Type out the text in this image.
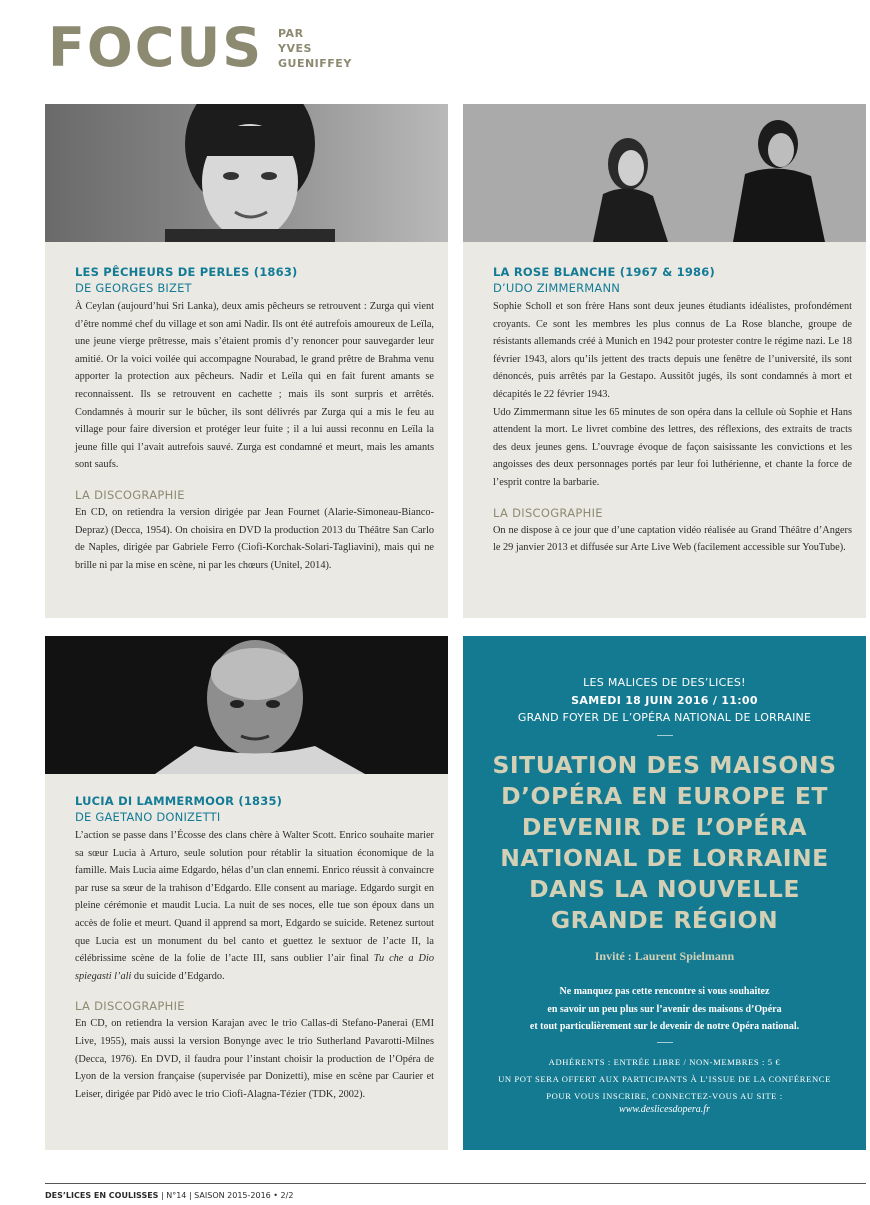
FOCUS PAR
YVES GUENIFFEY

LES PÊCHEURS DE PERLES (1863)

DE GEORGES BIZET

À Ceylan (aujourd’hui Sri Lanka), deux amis pêcheurs se retrouvent : Zurga qui vient d’être nommé chef du village et son ami Nadir. Ils ont été autrefois amoureux de Leïla, une jeune vierge prêtresse, mais s’étaient promis d’y renoncer pour sauvegarder leur amitié. Or la voici voilée qui accompagne Nourabad, le grand prêtre de Brahma venu apporter la protection aux pêcheurs. Nadir et Leïla qui en fait furent amants se reconnaissent. Ils se retrouvent en cachette ; mais ils sont surpris et arrêtés. Condamnés à mourir sur le bûcher, ils sont délivrés par Zurga qui a mis le feu au village pour faire diversion et protéger leur fuite ; il a lui aussi reconnu en Leïla la jeune fille qui l’avait autrefois sauvé. Zurga est condamné et meurt, mais les amants sont saufs.

LA DISCOGRAPHIE

En CD, on retiendra la version dirigée par Jean Fournet (Alarie-Simoneau-Bianco-Depraz) (Decca, 1954). On choisira en DVD la production 2013 du Théâtre San Carlo de Naples, dirigée par Gabriele Ferro (Ciofi-Korchak-Solari-Tagliavini), mais qui ne brille ni par la mise en scène, ni par les chœurs (Unitel, 2014).

LA ROSE BLANCHE (1967 & 1986)

D’UDO ZIMMERMANN

Sophie Scholl et son frère Hans sont deux jeunes étudiants idéalistes, profondément croyants. Ce sont les membres les plus connus de La Rose blanche, groupe de résistants allemands créé à Munich en 1942 pour protester contre le régime nazi. Le 18 février 1943, alors qu’ils jettent des tracts depuis une fenêtre de l’université, ils sont dénoncés, puis arrêtés par la Gestapo. Aussitôt jugés, ils sont condamnés à mort et décapités le 22 février 1943.

Udo Zimmermann situe les 65 minutes de son opéra dans la cellule où Sophie et Hans attendent la mort. Le livret combine des lettres, des réflexions, des extraits de tracts des deux jeunes gens. L’ouvrage évoque de façon saisissante les convictions et les angoisses des deux personnages portés par leur foi luthérienne, et chante la force de l’esprit contre la barbarie.

LA DISCOGRAPHIE

On ne dispose à ce jour que d’une captation vidéo réalisée au Grand Théâtre d’Angers le 29 janvier 2013 et diffusée sur Arte Live Web (facilement accessible sur YouTube).

LUCIA DI LAMMERMOOR (1835)

DE GAETANO DONIZETTI

L’action se passe dans l’Écosse des clans chère à Walter Scott. Enrico souhaite marier sa sœur Lucia à Arturo, seule solution pour rétablir la situation économique de la famille. Mais Lucia aime Edgardo, hélas d’un clan ennemi. Enrico réussit à convaincre par ruse sa sœur de la trahison d’Edgardo. Elle consent au mariage. Edgardo surgit en pleine cérémonie et maudit Lucia. La nuit de ses noces, elle tue son époux dans un accès de folie et meurt. Quand il apprend sa mort, Edgardo se suicide. Retenez surtout que Lucia est un monument du bel canto et guettez le sextuor de l’acte II, la célébrissime scène de la folie de l’acte III, sans oublier l’air final Tu che a Dio spiegasti l’ali du suicide d’Edgardo.

LA DISCOGRAPHIE

En CD, on retiendra la version Karajan avec le trio Callas-di Stefano-Panerai (EMI Live, 1955), mais aussi la version Bonynge avec le trio Sutherland Pavarotti-Milnes (Decca, 1976). En DVD, il faudra pour l’instant choisir la production de l’Opéra de Lyon de la version française (supervisée par Donizetti), mise en scène par Caurier et Leiser, dirigée par Pidò avec le trio Ciofi-Alagna-Tézier (TDK, 2002).

LES MALICES DE DES’LICES!
SAMEDI 18 JUIN 2016 / 11:00
GRAND FOYER DE L’OPÉRA NATIONAL DE LORRAINE
SITUATION DES MAISONS D’OPÉRA EN EUROPE ET DEVENIR DE L’OPÉRA NATIONAL DE LORRAINE DANS LA NOUVELLE GRANDE RÉGION
Invité : Laurent Spielmann
Ne manquez pas cette rencontre si vous souhaitez
en savoir un peu plus sur l’avenir des maisons d’Opéra
et tout particulièrement sur le devenir de notre Opéra national.
ADHÉRENTS : ENTRÉE LIBRE / NON-MEMBRES : 5 €
UN POT SERA OFFERT AUX PARTICIPANTS À L’ISSUE DE LA CONFÉRENCE
POUR VOUS INSCRIRE, CONNECTEZ-VOUS AU SITE :
www.deslicesdopera.fr
DES’LICES EN COULISSES | N°14 | SAISON 2015-2016 • 2/2
